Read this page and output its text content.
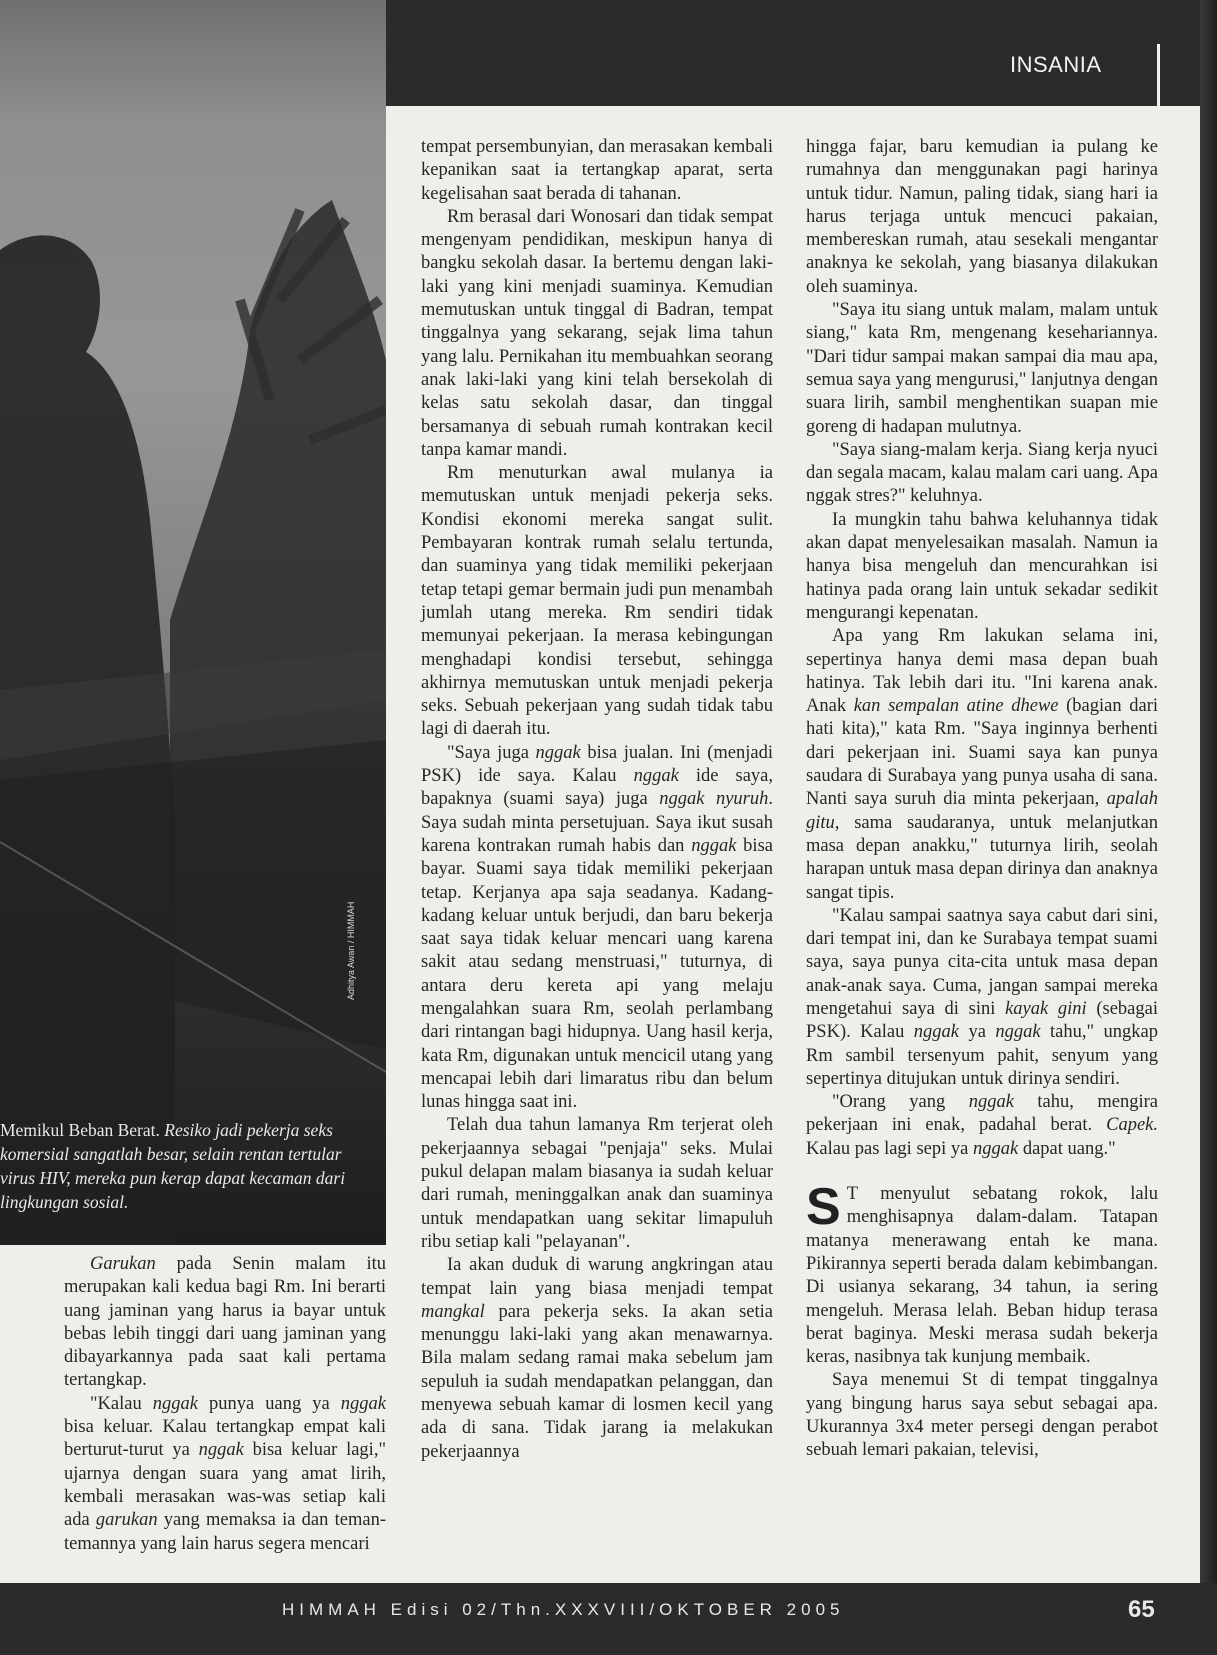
INSANIA
Adhitya Awan / HIMMAH
Memikul Beban Berat. Resiko jadi pekerja seks komersial sangatlah besar, selain rentan tertular virus HIV, mereka pun kerap dapat kecaman dari lingkungan sosial.

Garukan pada Senin malam itu merupakan kali kedua bagi Rm. Ini berarti uang jaminan yang harus ia bayar untuk bebas lebih tinggi dari uang jaminan yang dibayarkannya pada saat kali pertama tertangkap.

"Kalau nggak punya uang ya nggak bisa keluar. Kalau tertangkap empat kali berturut-turut ya nggak bisa keluar lagi," ujarnya dengan suara yang amat lirih, kembali merasakan was-was setiap kali ada garukan yang memaksa ia dan teman-temannya yang lain harus segera mencari

tempat persembunyian, dan merasakan kembali kepanikan saat ia tertangkap aparat, serta kegelisahan saat berada di tahanan.

Rm berasal dari Wonosari dan tidak sempat mengenyam pendidikan, meskipun hanya di bangku sekolah dasar. Ia bertemu dengan laki-laki yang kini menjadi suaminya. Kemudian memutuskan untuk tinggal di Badran, tempat tinggalnya yang sekarang, sejak lima tahun yang lalu. Pernikahan itu membuahkan seorang anak laki-laki yang kini telah bersekolah di kelas satu sekolah dasar, dan tinggal bersamanya di sebuah rumah kontrakan kecil tanpa kamar mandi.

Rm menuturkan awal mulanya ia memutuskan untuk menjadi pekerja seks. Kondisi ekonomi mereka sangat sulit. Pembayaran kontrak rumah selalu tertunda, dan suaminya yang tidak memiliki pekerjaan tetap tetapi gemar bermain judi pun menambah jumlah utang mereka. Rm sendiri tidak memunyai pekerjaan. Ia merasa kebingungan menghadapi kondisi tersebut, sehingga akhirnya memutuskan untuk menjadi pekerja seks. Sebuah pekerjaan yang sudah tidak tabu lagi di daerah itu.

"Saya juga nggak bisa jualan. Ini (menjadi PSK) ide saya. Kalau nggak ide saya, bapaknya (suami saya) juga nggak nyuruh. Saya sudah minta persetujuan. Saya ikut susah karena kontrakan rumah habis dan nggak bisa bayar. Suami saya tidak memiliki pekerjaan tetap. Kerjanya apa saja seadanya. Kadang-kadang keluar untuk berjudi, dan baru bekerja saat saya tidak keluar mencari uang karena sakit atau sedang menstruasi," tuturnya, di antara deru kereta api yang melaju mengalahkan suara Rm, seolah perlambang dari rintangan bagi hidupnya. Uang hasil kerja, kata Rm, digunakan untuk mencicil utang yang mencapai lebih dari limaratus ribu dan belum lunas hingga saat ini.

Telah dua tahun lamanya Rm terjerat oleh pekerjaannya sebagai "penjaja" seks. Mulai pukul delapan malam biasanya ia sudah keluar dari rumah, meninggalkan anak dan suaminya untuk mendapatkan uang sekitar limapuluh ribu setiap kali "pelayanan".

Ia akan duduk di warung angkringan atau tempat lain yang biasa menjadi tempat mangkal para pekerja seks. Ia akan setia menunggu laki-laki yang akan menawarnya. Bila malam sedang ramai maka sebelum jam sepuluh ia sudah mendapatkan pelanggan, dan menyewa sebuah kamar di losmen kecil yang ada di sana. Tidak jarang ia melakukan pekerjaannya

hingga fajar, baru kemudian ia pulang ke rumahnya dan menggunakan pagi harinya untuk tidur. Namun, paling tidak, siang hari ia harus terjaga untuk mencuci pakaian, membereskan rumah, atau sesekali mengantar anaknya ke sekolah, yang biasanya dilakukan oleh suaminya.

"Saya itu siang untuk malam, malam untuk siang," kata Rm, mengenang kesehariannya. "Dari tidur sampai makan sampai dia mau apa, semua saya yang mengurusi," lanjutnya dengan suara lirih, sambil menghentikan suapan mie goreng di hadapan mulutnya.

"Saya siang-malam kerja. Siang kerja nyuci dan segala macam, kalau malam cari uang. Apa nggak stres?" keluhnya.

Ia mungkin tahu bahwa keluhannya tidak akan dapat menyelesaikan masalah. Namun ia hanya bisa mengeluh dan mencurahkan isi hatinya pada orang lain untuk sekadar sedikit mengurangi kepenatan.

Apa yang Rm lakukan selama ini, sepertinya hanya demi masa depan buah hatinya. Tak lebih dari itu. "Ini karena anak. Anak kan sempalan atine dhewe (bagian dari hati kita)," kata Rm. "Saya inginnya berhenti dari pekerjaan ini. Suami saya kan punya saudara di Surabaya yang punya usaha di sana. Nanti saya suruh dia minta pekerjaan, apalah gitu, sama saudaranya, untuk melanjutkan masa depan anakku," tuturnya lirih, seolah harapan untuk masa depan dirinya dan anaknya sangat tipis.

"Kalau sampai saatnya saya cabut dari sini, dari tempat ini, dan ke Surabaya tempat suami saya, saya punya cita-cita untuk masa depan anak-anak saya. Cuma, jangan sampai mereka mengetahui saya di sini kayak gini (sebagai PSK). Kalau nggak ya nggak tahu," ungkap Rm sambil tersenyum pahit, senyum yang sepertinya ditujukan untuk dirinya sendiri.

"Orang yang nggak tahu, mengira pekerjaan ini enak, padahal berat. Capek. Kalau pas lagi sepi ya nggak dapat uang."

S T menyulut sebatang rokok, lalu menghisapnya dalam-dalam. Tatapan matanya menerawang entah ke mana. Pikirannya seperti berada dalam kebimbangan. Di usianya sekarang, 34 tahun, ia sering mengeluh. Merasa lelah. Beban hidup terasa berat baginya. Meski merasa sudah bekerja keras, nasibnya tak kunjung membaik.

Saya menemui St di tempat tinggalnya yang bingung harus saya sebut sebagai apa. Ukurannya 3x4 meter persegi dengan perabot sebuah lemari pakaian, televisi,

HIMMAH Edisi 02/Thn.XXXVIII/OKTOBER 2005	65
